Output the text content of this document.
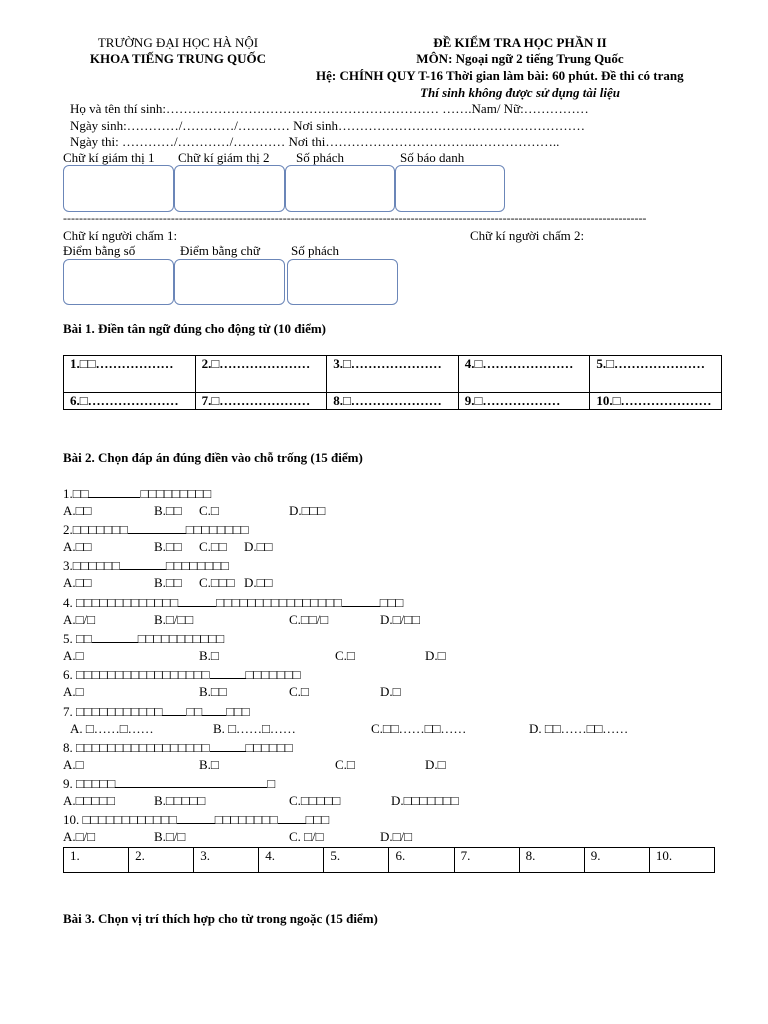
TRƯỜNG ĐẠI HỌC HÀ NỘI
KHOA TIẾNG TRUNG QUỐC
ĐỀ KIỂM TRA HỌC PHẦN II
MÔN: Ngoại ngữ 2 tiếng Trung Quốc
Hệ: CHÍNH QUY T-16 Thời gian làm bài: 60 phút. Đề thi có trang
Thí sinh không được sử dụng tài liệu
Họ và tên thí sinh:……………………………………………………… …….Nam/ Nữ:……………
Ngày sinh:…………/…………/………… Nơi sinh…………………………………………………
Ngày thi: …………/…………/………… Nơi thi……………………………..………………..
Chữ kí giám thị 1 Chữ kí giám thị 2 Số phách	Số báo danh
--------------------------------------------------------------------------------------------------------------------------------------------------
Chữ kí người chấm 1:	Chữ kí người chấm 2:
Điểm bằng số	Điểm bằng chữ Số phách
Bài 1. Điền tân ngữ đúng cho động từ (10 điểm)
1.□□………………	2.□…………………	3.□…………………	4.□…………………	5.□…………………
6.□…………………	7.□…………………	8.□…………………	9.□………………	10.□…………………
Bài 2. Chọn đáp án đúng điền vào chỗ trống (15 điểm)
1.□□	□□□□□□□□□
A.□□	B.□□ C.□	D.□□□
2.□□□□□□□	□□□□□□□□
A.□□	B.□□ C.□□ D.□□
3.□□□□□□	□□□□□□□□
A.□□	B.□□ C.□□□ D.□□
4. □□□□□□□□□□□□□	□□□□□□□□□□□□□□□□	□□□
A.□/□	B.□/□□	C.□□/□	D.□/□□
5. □□	□□□□□□□□□□□
A.□	B.□	C.□	D.□
6. □□□□□□□□□□□□□□□□□	□□□□□□□
A.□	B.□□	C.□	D.□
7. □□□□□□□□□□□ □□ □□□
A. □……□……	B. □……□……	C.□□……□□……	D. □□……□□……
8. □□□□□□□□□□□□□□□□□	□□□□□□
A.□	B.□	C.□	D.□
9. □□□□□	□
A.□□□□□	B.□□□□□	C.□□□□□	D.□□□□□□□
10. □□□□□□□□□□□□	□□□□□□□□ □□□
A.□/□	B.□/□	C. □/□	D.□/□
1.	2.	3.	4.	5.	6.	7.	8.	9.	10.
Bài 3. Chọn vị trí thích hợp cho từ trong ngoặc (15 điểm)
